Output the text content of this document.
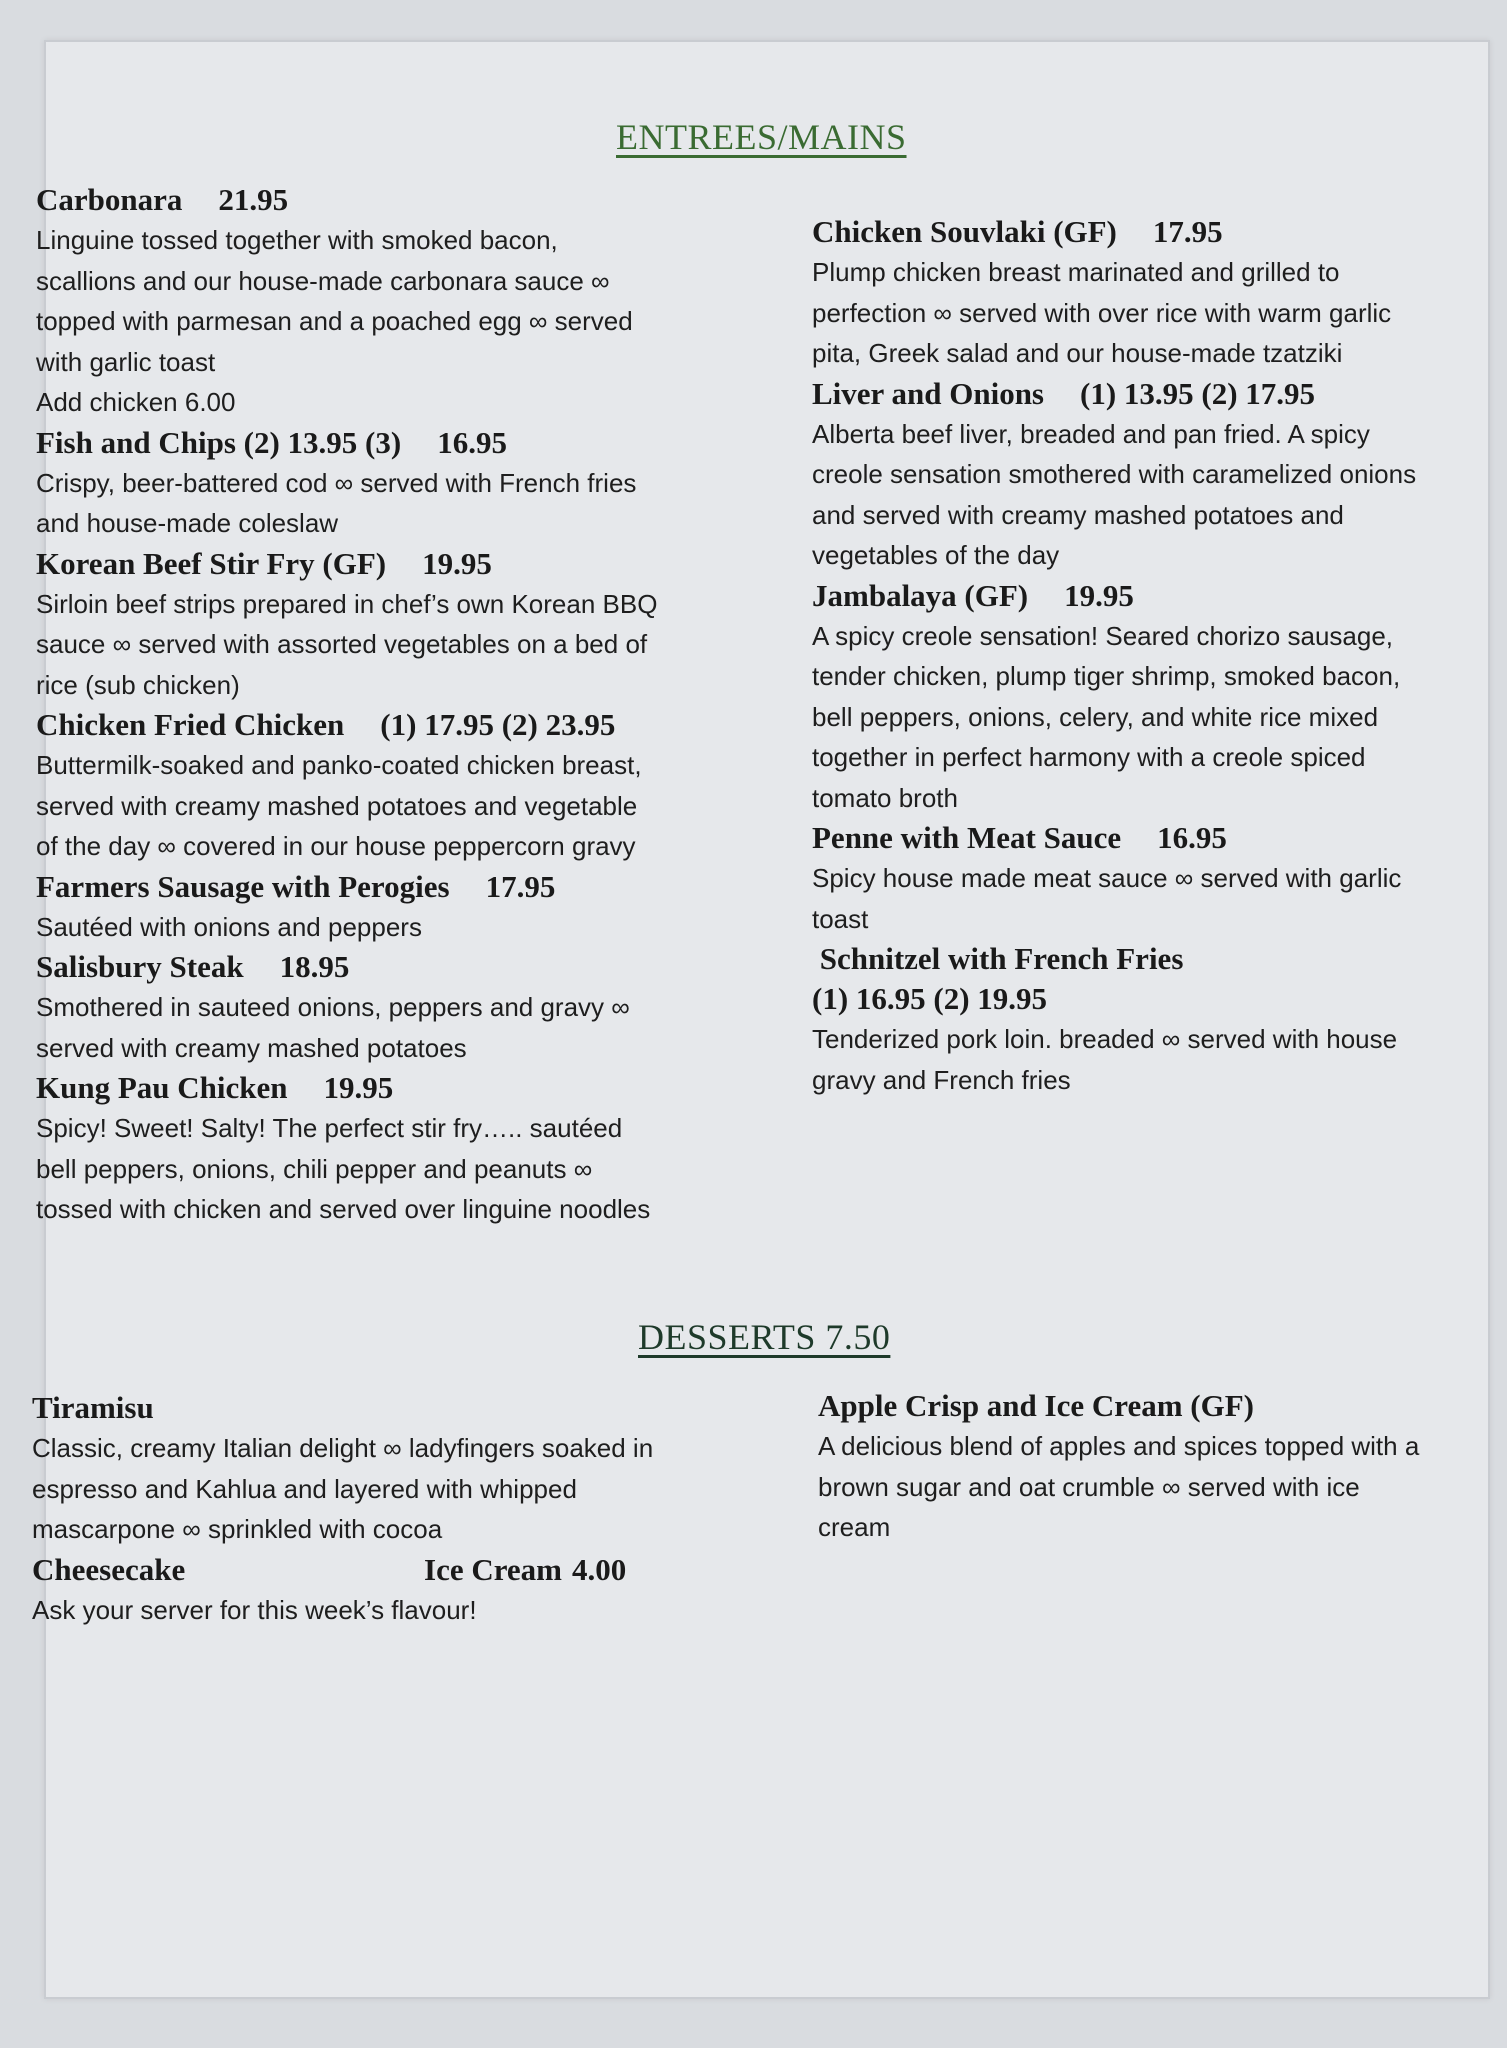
ENTREES/MAINS
Carbonara 21.95
Linguine tossed together with smoked bacon,
scallions and our house-made carbonara sauce ∞
topped with parmesan and a poached egg ∞ served
with garlic toast
Add chicken 6.00
Fish and Chips (2) 13.95 (3) 16.95
Crispy, beer-battered cod ∞ served with French fries
and house-made coleslaw
Korean Beef Stir Fry (GF) 19.95
Sirloin beef strips prepared in chef’s own Korean BBQ
sauce ∞ served with assorted vegetables on a bed of
rice (sub chicken)
Chicken Fried Chicken (1) 17.95 (2) 23.95
Buttermilk-soaked and panko-coated chicken breast,
served with creamy mashed potatoes and vegetable
of the day ∞ covered in our house peppercorn gravy
Farmers Sausage with Perogies 17.95
Sautéed with onions and peppers
Salisbury Steak 18.95
Smothered in sauteed onions, peppers and gravy ∞
served with creamy mashed potatoes
Kung Pau Chicken 19.95
Spicy! Sweet! Salty! The perfect stir fry….. sautéed
bell peppers, onions, chili pepper and peanuts ∞
tossed with chicken and served over linguine noodles
Chicken Souvlaki (GF) 17.95
Plump chicken breast marinated and grilled to
perfection ∞ served with over rice with warm garlic
pita, Greek salad and our house-made tzatziki
Liver and Onions (1) 13.95 (2) 17.95
Alberta beef liver, breaded and pan fried. A spicy
creole sensation smothered with caramelized onions
and served with creamy mashed potatoes and
vegetables of the day
Jambalaya (GF) 19.95
A spicy creole sensation! Seared chorizo sausage,
tender chicken, plump tiger shrimp, smoked bacon,
bell peppers, onions, celery, and white rice mixed
together in perfect harmony with a creole spiced
tomato broth
Penne with Meat Sauce 16.95
Spicy house made meat sauce ∞ served with garlic
toast
Schnitzel with French Fries
(1) 16.95 (2) 19.95
Tenderized pork loin. breaded ∞ served with house
gravy and French fries
DESSERTS 7.50
Tiramisu
Classic, creamy Italian delight ∞ ladyfingers soaked in
espresso and Kahlua and layered with whipped
mascarpone ∞ sprinkled with cocoa

Cheesecake

	Ice Cream

4.00

Ask your server for this week’s flavour!
Apple Crisp and Ice Cream (GF)
A delicious blend of apples and spices topped with a
brown sugar and oat crumble ∞ served with ice
cream
